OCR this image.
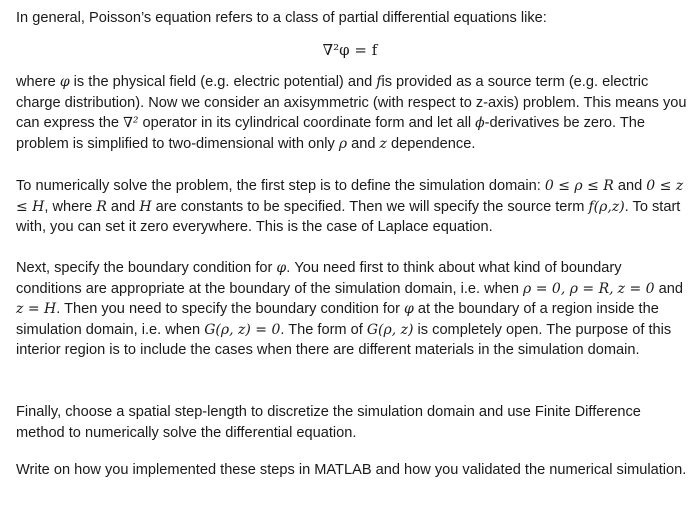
In general, Poisson’s equation refers to a class of partial differential equations like:

∇²φ = f

where φ is the physical field (e.g. electric potential) and fis provided as a source term (e.g. electric charge distribution). Now we consider an axisymmetric (with respect to z-axis) problem. This means you can express the ∇² operator in its cylindrical coordinate form and let all ϕ-derivatives be zero. The problem is simplified to two-dimensional with only ρ and z dependence.

To numerically solve the problem, the first step is to define the simulation domain: 0 ≤ ρ ≤ R and 0 ≤ z ≤ H, where R and H are constants to be specified. Then we will specify the source term f(ρ,z). To start with, you can set it zero everywhere. This is the case of Laplace equation.

Next, specify the boundary condition for φ. You need first to think about what kind of boundary conditions are appropriate at the boundary of the simulation domain, i.e. when ρ = 0, ρ = R, z = 0 and z = H. Then you need to specify the boundary condition for φ at the boundary of a region inside the simulation domain, i.e. when G(ρ, z) = 0. The form of G(ρ, z) is completely open. The purpose of this interior region is to include the cases when there are different materials in the simulation domain.

Finally, choose a spatial step-length to discretize the simulation domain and use Finite Difference method to numerically solve the differential equation.

Write on how you implemented these steps in MATLAB and how you validated the numerical simulation.
